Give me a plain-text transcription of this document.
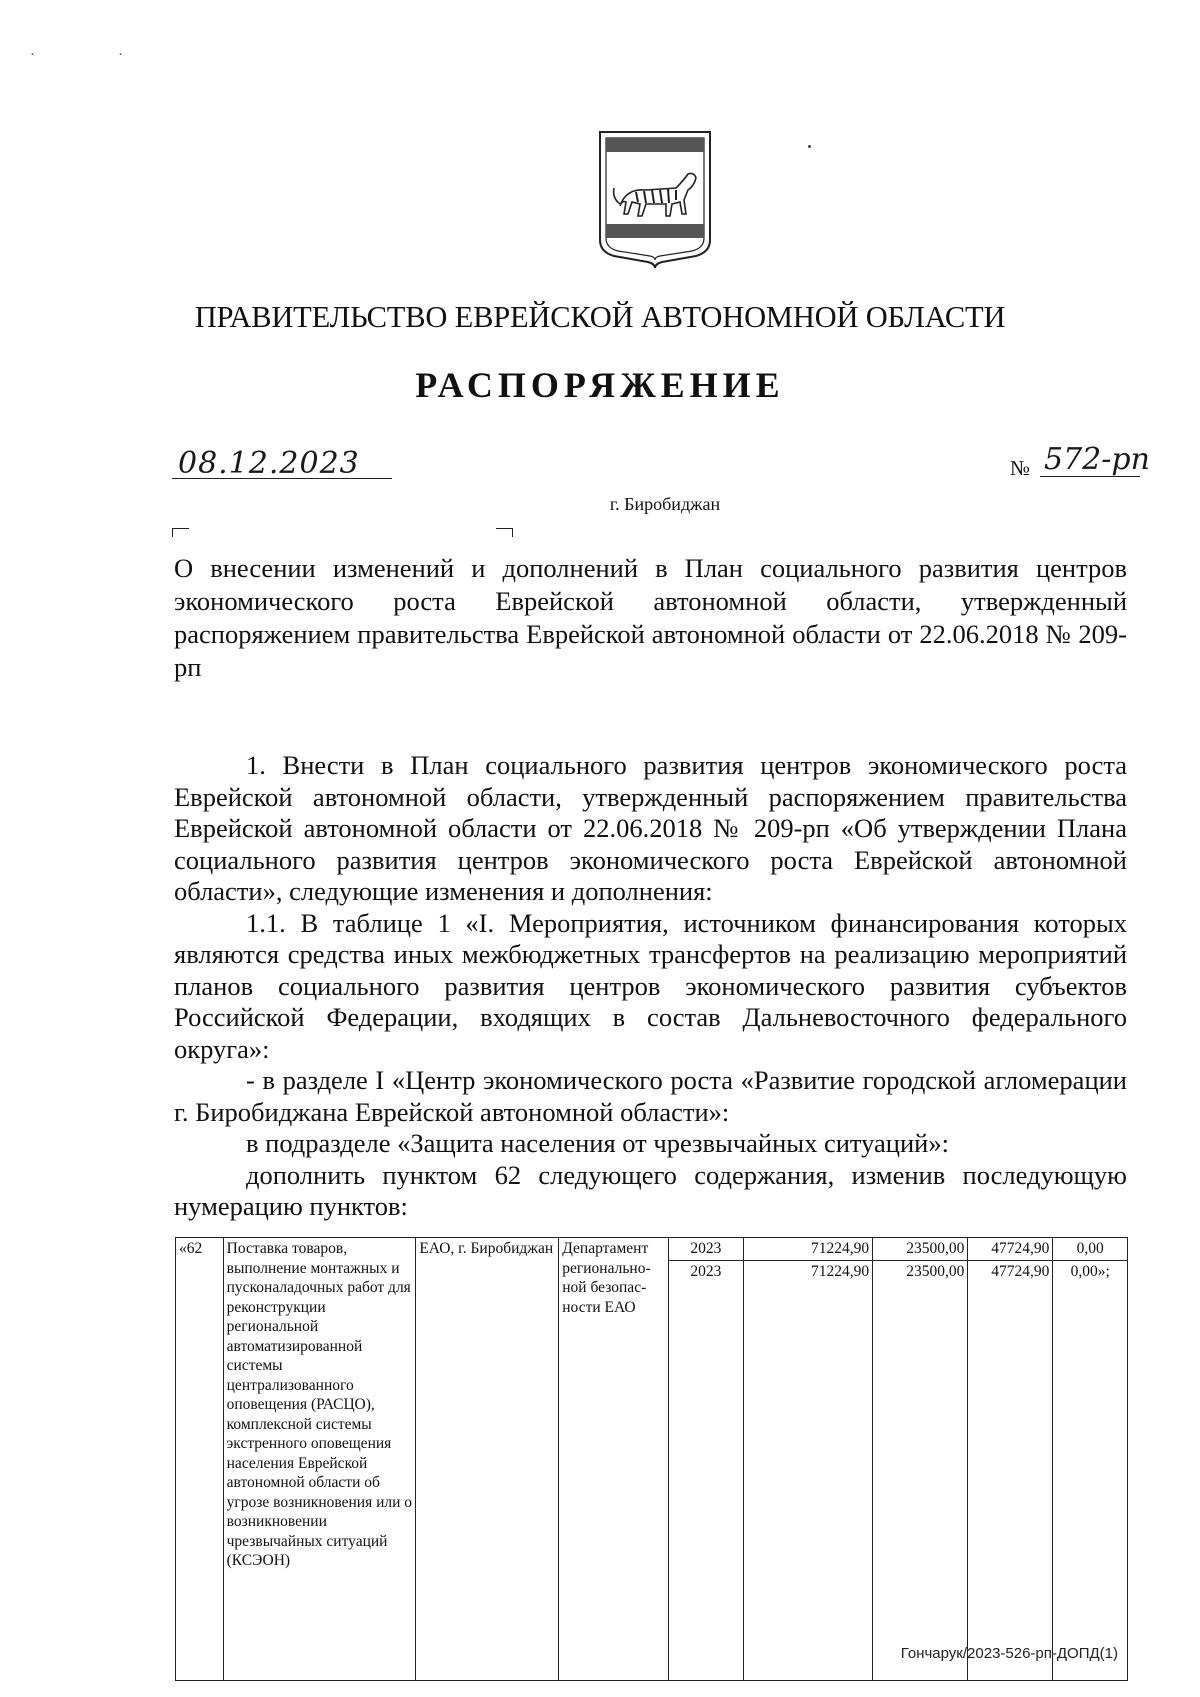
· ·
ПРАВИТЕЛЬСТВО ЕВРЕЙСКОЙ АВТОНОМНОЙ ОБЛАСТИ
РАСПОРЯЖЕНИЕ
08.12.2023	№ 572-рп
г. Биробиджан
О внесении изменений и дополнений в План социального развития центров экономического роста Еврейской автономной области, утвержденный распоряжением правительства Еврейской автономной области от 22.06.2018 № 209-рп

1. Внести в План социального развития центров экономического роста Еврейской автономной области, утвержденный распоряжением правительства Еврейской автономной области от 22.06.2018 № 209-рп «Об утверждении Плана социального развития центров экономического роста Еврейской автономной области», следующие изменения и дополнения:

1.1. В таблице 1 «I. Мероприятия, источником финансирования которых являются средства иных межбюджетных трансфертов на реализацию мероприятий планов социального развития центров экономического развития субъектов Российской Федерации, входящих в состав Дальневосточного федерального округа»:

- в разделе I «Центр экономического роста «Развитие городской агломерации г. Биробиджана Еврейской автономной области»:

в подразделе «Защита населения от чрезвычайных ситуаций»:

дополнить пунктом 62 следующего содержания, изменив последующую нумерацию пунктов:

«62	Поставка товаров, выполнение монтажных и пусконаладочных работ для реконструкции региональной автоматизированной системы централизованного оповещения (РАСЦО), комплексной системы экстренного оповещения населения Еврейской автономной области об угрозе возникновения или о возникновении чрезвычайных ситуаций (КСЭОН)	ЕАО, г. Биробиджан	Департамент регионально-ной безопас-ности ЕАО	2023	71224,90	23500,00	47724,90	0,00
				2023	71224,90	23500,00	47724,90	0,00»;
Гончарук/2023-526-рп-ДОПД(1)
